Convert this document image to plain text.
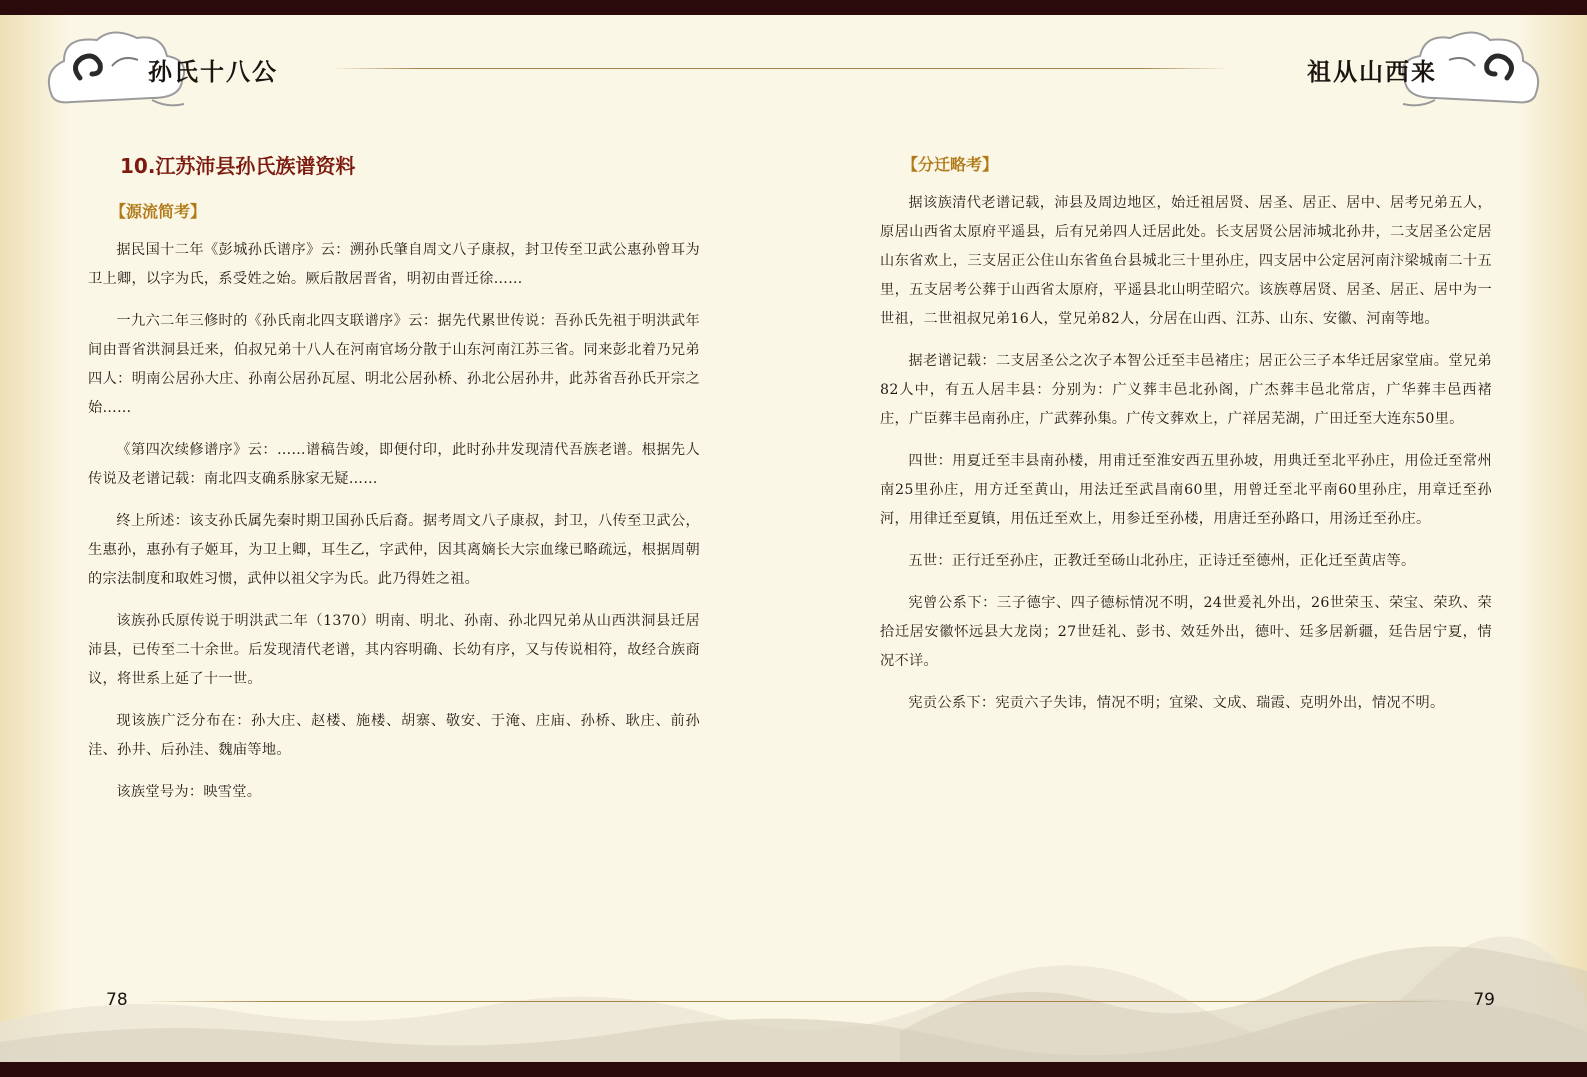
孙氏十八公	祖从山西来
10.江苏沛县孙氏族谱资料
【源流简考】

据民国十二年《彭城孙氏谱序》云：溯孙氏肇自周文八子康叔，封卫传至卫武公惠孙曾耳为卫上卿，以字为氏，系受姓之始。厥后散居晋省，明初由晋迁徐……

一九六二年三修时的《孙氏南北四支联谱序》云：据先代累世传说：吾孙氏先祖于明洪武年间由晋省洪洞县迁来，伯叔兄弟十八人在河南官场分散于山东河南江苏三省。同来彭北着乃兄弟四人：明南公居孙大庄、孙南公居孙瓦屋、明北公居孙桥、孙北公居孙井，此苏省吾孙氏开宗之始……

《第四次续修谱序》云：……谱稿告竣，即便付印，此时孙井发现清代吾族老谱。根据先人传说及老谱记载：南北四支确系脉家无疑……

终上所述：该支孙氏属先秦时期卫国孙氏后裔。据考周文八子康叔，封卫，八传至卫武公，生惠孙，惠孙有子姬耳，为卫上卿，耳生乙，字武仲，因其离嫡长大宗血缘已略疏远，根据周朝的宗法制度和取姓习惯，武仲以祖父字为氏。此乃得姓之祖。

该族孙氏原传说于明洪武二年（1370）明南、明北、孙南、孙北四兄弟从山西洪洞县迁居沛县，已传至二十余世。后发现清代老谱，其内容明确、长幼有序，又与传说相符，故经合族商议，将世系上延了十一世。

现该族广泛分布在：孙大庄、赵楼、施楼、胡寨、敬安、于淹、庄庙、孙桥、耿庄、前孙洼、孙井、后孙洼、魏庙等地。

该族堂号为：映雪堂。

【分迁略考】

据该族清代老谱记载，沛县及周边地区，始迁祖居贤、居圣、居正、居中、居考兄弟五人，原居山西省太原府平遥县，后有兄弟四人迁居此处。长支居贤公居沛城北孙井，二支居圣公定居山东省欢上，三支居正公住山东省鱼台县城北三十里孙庄，四支居中公定居河南汴梁城南二十五里，五支居考公葬于山西省太原府，平遥县北山明茔昭穴。该族尊居贤、居圣、居正、居中为一世祖，二世祖叔兄弟16人，堂兄弟82人，分居在山西、江苏、山东、安徽、河南等地。

据老谱记载：二支居圣公之次子本智公迁至丰邑褚庄；居正公三子本华迁居家堂庙。堂兄弟82人中，有五人居丰县：分别为：广义葬丰邑北孙阁，广杰葬丰邑北常店，广华葬丰邑西褚庄，广臣葬丰邑南孙庄，广武葬孙集。广传文葬欢上，广祥居芜湖，广田迁至大连东50里。

四世：用夏迁至丰县南孙楼，用甫迁至淮安西五里孙坡，用典迁至北平孙庄，用俭迁至常州南25里孙庄，用方迁至黄山，用法迁至武昌南60里，用曾迁至北平南60里孙庄，用章迁至孙河，用律迁至夏镇，用伍迁至欢上，用参迁至孙楼，用唐迁至孙路口，用汤迁至孙庄。

五世：正行迁至孙庄，正教迁至砀山北孙庄，正诗迁至德州，正化迁至黄店等。

宪曾公系下：三子德宇、四子德标情况不明，24世爰礼外出，26世荣玉、荣宝、荣玖、荣拾迁居安徽怀远县大龙岗；27世廷礼、彭书、效廷外出，德叶、廷多居新疆，廷告居宁夏，情况不详。

宪贡公系下：宪贡六子失讳，情况不明；宜梁、文成、瑞霞、克明外出，情况不明。

78	79
